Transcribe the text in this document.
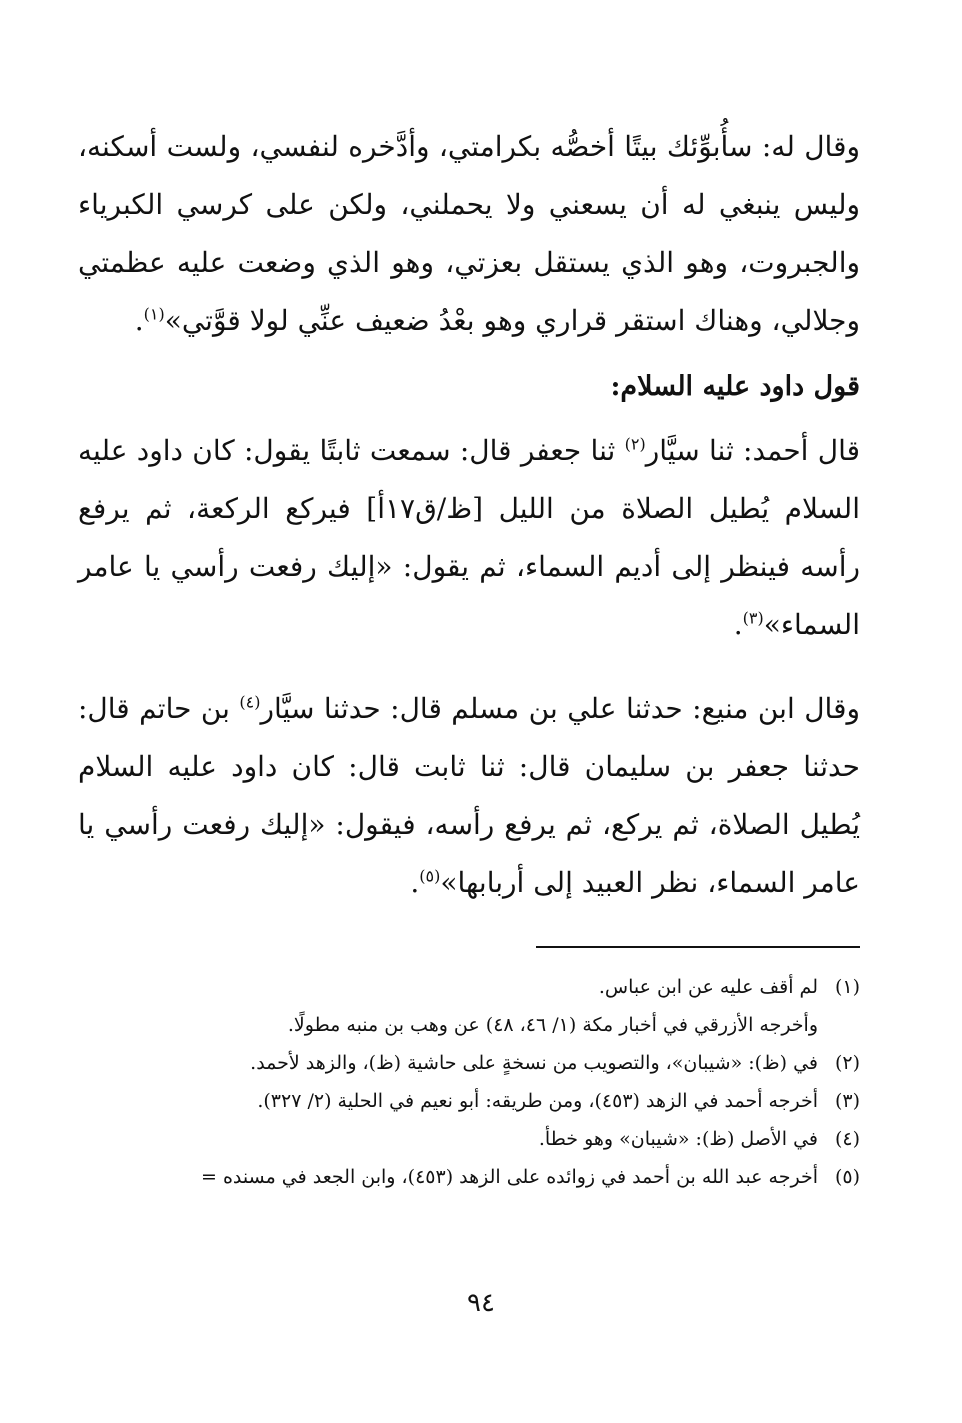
وقال له: سأُبوِّئك بيتًا أخصُّه بكرامتي، وأدَّخره لنفسي، ولست أسكنه، وليس ينبغي له أن يسعني ولا يحملني، ولكن على كرسي الكبرياء والجبروت، وهو الذي يستقل بعزتي، وهو الذي وضعت عليه عظمتي وجلالي، وهناك استقر قراري وهو بعْدُ ضعيف عنِّي لولا قوَّتي»$^{(١)}$.

قول داود عليه السلام:

قال أحمد: ثنا سيَّار$^{(٢)}$ ثنا جعفر قال: سمعت ثابتًا يقول: كان داود عليه السلام يُطيل الصلاة من الليل [ظ/ق١٧أ] فيركع الركعة، ثم يرفع رأسه فينظر إلى أديم السماء، ثم يقول: «إليك رفعت رأسي يا عامر السماء»$^{(٣)}$.

وقال ابن منيع: حدثنا علي بن مسلم قال: حدثنا سيَّار$^{(٤)}$ بن حاتم قال: حدثنا جعفر بن سليمان قال: ثنا ثابت قال: كان داود عليه السلام يُطيل الصلاة، ثم يركع، ثم يرفع رأسه، فيقول: «إليك رفعت رأسي يا عامر السماء، نظر العبيد إلى أربابها»$^{(٥)}$.

(١)
لم أقف عليه عن ابن عباس.
وأخرجه الأزرقي في أخبار مكة (١/ ٤٦، ٤٨) عن وهب بن منبه مطولًا.
(٢)
في (ظ): «شيبان»، والتصويب من نسخةٍ على حاشية (ظ)، والزهد لأحمد.
(٣)
أخرجه أحمد في الزهد (٤٥٣)، ومن طريقه: أبو نعيم في الحلية (٢/ ٣٢٧).
(٤)
في الأصل (ظ): «شيبان» وهو خطأ.
(٥)
أخرجه عبد الله بن أحمد في زوائده على الزهد (٤٥٣)، وابن الجعد في مسنده =
٩٤
